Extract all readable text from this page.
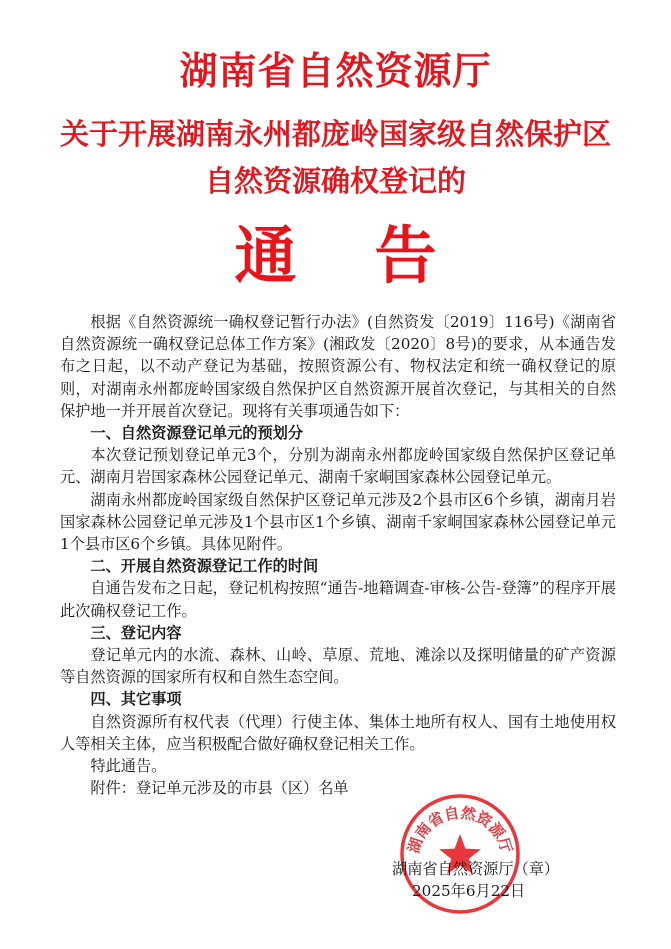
湖南省自然资源厅
关于开展湖南永州都庞岭国家级自然保护区
自然资源确权登记的
通 告

根据《自然资源统一确权登记暂行办法》(自然资发〔2019〕116号)《湖南省自然资源统一确权登记总体工作方案》(湘政发〔2020〕8号)的要求，从本通告发布之日起，以不动产登记为基础，按照资源公有、物权法定和统一确权登记的原则，对湖南永州都庞岭国家级自然保护区自然资源开展首次登记，与其相关的自然保护地一并开展首次登记。现将有关事项通告如下：

一、自然资源登记单元的预划分

本次登记预划登记单元3个，分别为湖南永州都庞岭国家级自然保护区登记单元、湖南月岩国家森林公园登记单元、湖南千家峒国家森林公园登记单元。

湖南永州都庞岭国家级自然保护区登记单元涉及2个县市区6个乡镇，湖南月岩国家森林公园登记单元涉及1个县市区1个乡镇、湖南千家峒国家森林公园登记单元1个县市区6个乡镇。具体见附件。

二、开展自然资源登记工作的时间

自通告发布之日起，登记机构按照“通告-地籍调查-审核-公告-登簿”的程序开展此次确权登记工作。

三、登记内容

登记单元内的水流、森林、山岭、草原、荒地、滩涂以及探明储量的矿产资源等自然资源的国家所有权和自然生态空间。

四、其它事项

自然资源所有权代表（代理）行使主体、集体土地所有权人、国有土地使用权人等相关主体，应当积极配合做好确权登记相关工作。

特此通告。

附件：登记单元涉及的市县（区）名单

湖南省自然资源厅
湖南省自然资源厅（章）
2025年6月22日
